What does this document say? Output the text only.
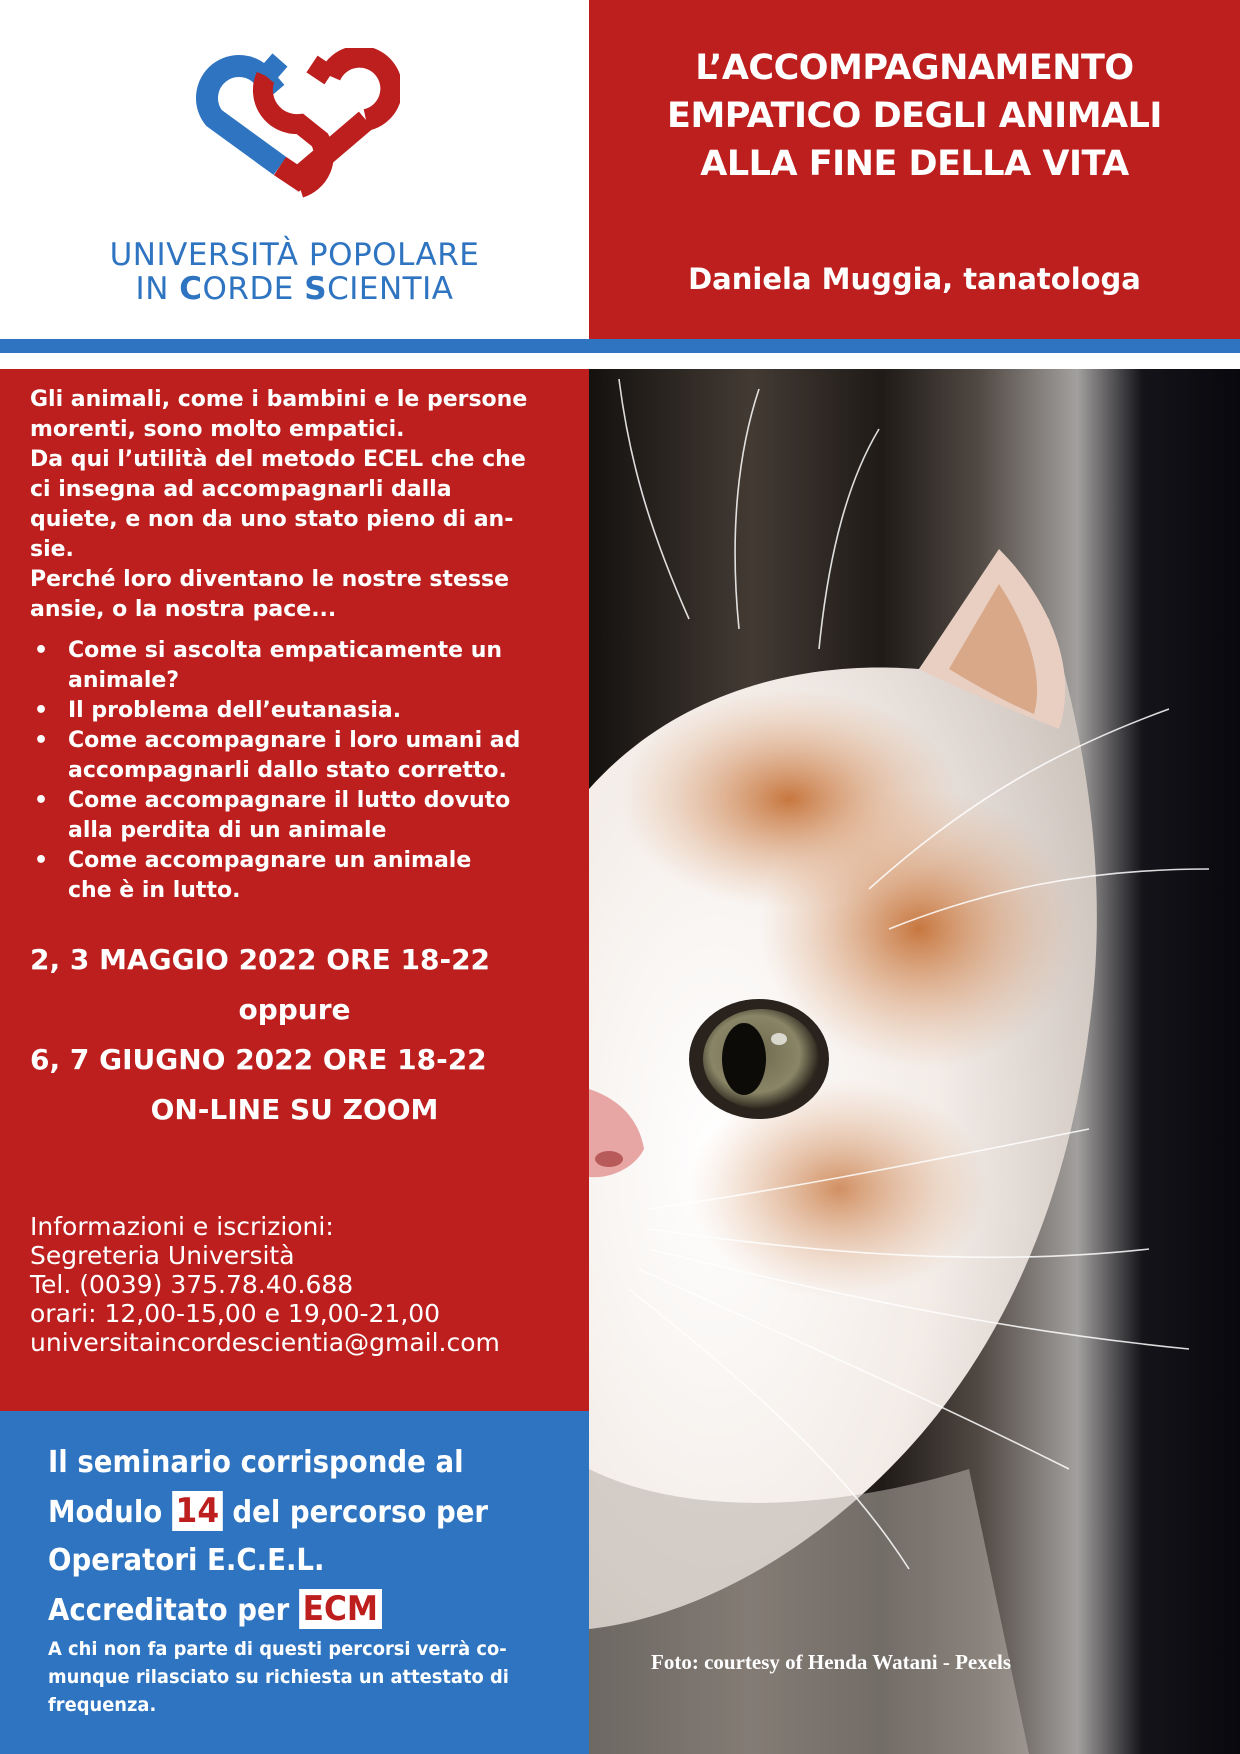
UNIVERSITÀ POPOLARE
IN CORDE SCIENTIA
L’ACCOMPAGNAMENTO
EMPATICO DEGLI ANIMALI
ALLA FINE DELLA VITA
Daniela Muggia, tanatologa

Gli animali, come i bambini e le persone

morenti, sono molto empatici.

Da qui l’utilità del metodo ECEL che che

ci insegna ad accompagnarli dalla

quiete, e non da uno stato pieno di an-

sie.

Perché loro diventano le nostre stesse

ansie, o la nostra pace...

• Come si ascolta empaticamente un
animale?
• Il problema dell’eutanasia.
• Come accompagnare i loro umani ad
accompagnarli dallo stato corretto.
• Come accompagnare il lutto dovuto
alla perdita di un animale
• Come accompagnare un animale
che è in lutto.
2, 3 MAGGIO 2022 ORE 18-22
oppure
6, 7 GIUGNO 2022 ORE 18-22
ON-LINE SU ZOOM
Informazioni e iscrizioni:
Segreteria Università
Tel. (0039) 375.78.40.688
orari: 12,00-15,00 e 19,00-21,00
universitaincordescientia@gmail.com
Il seminario corrisponde al
Modulo 14 del percorso per
Operatori E.C.E.L.
Accreditato per ECM
A chi non fa parte di questi percorsi verrà co-
munque rilasciato su richiesta un attestato di
frequenza.
Foto: courtesy of Henda Watani - Pexels
